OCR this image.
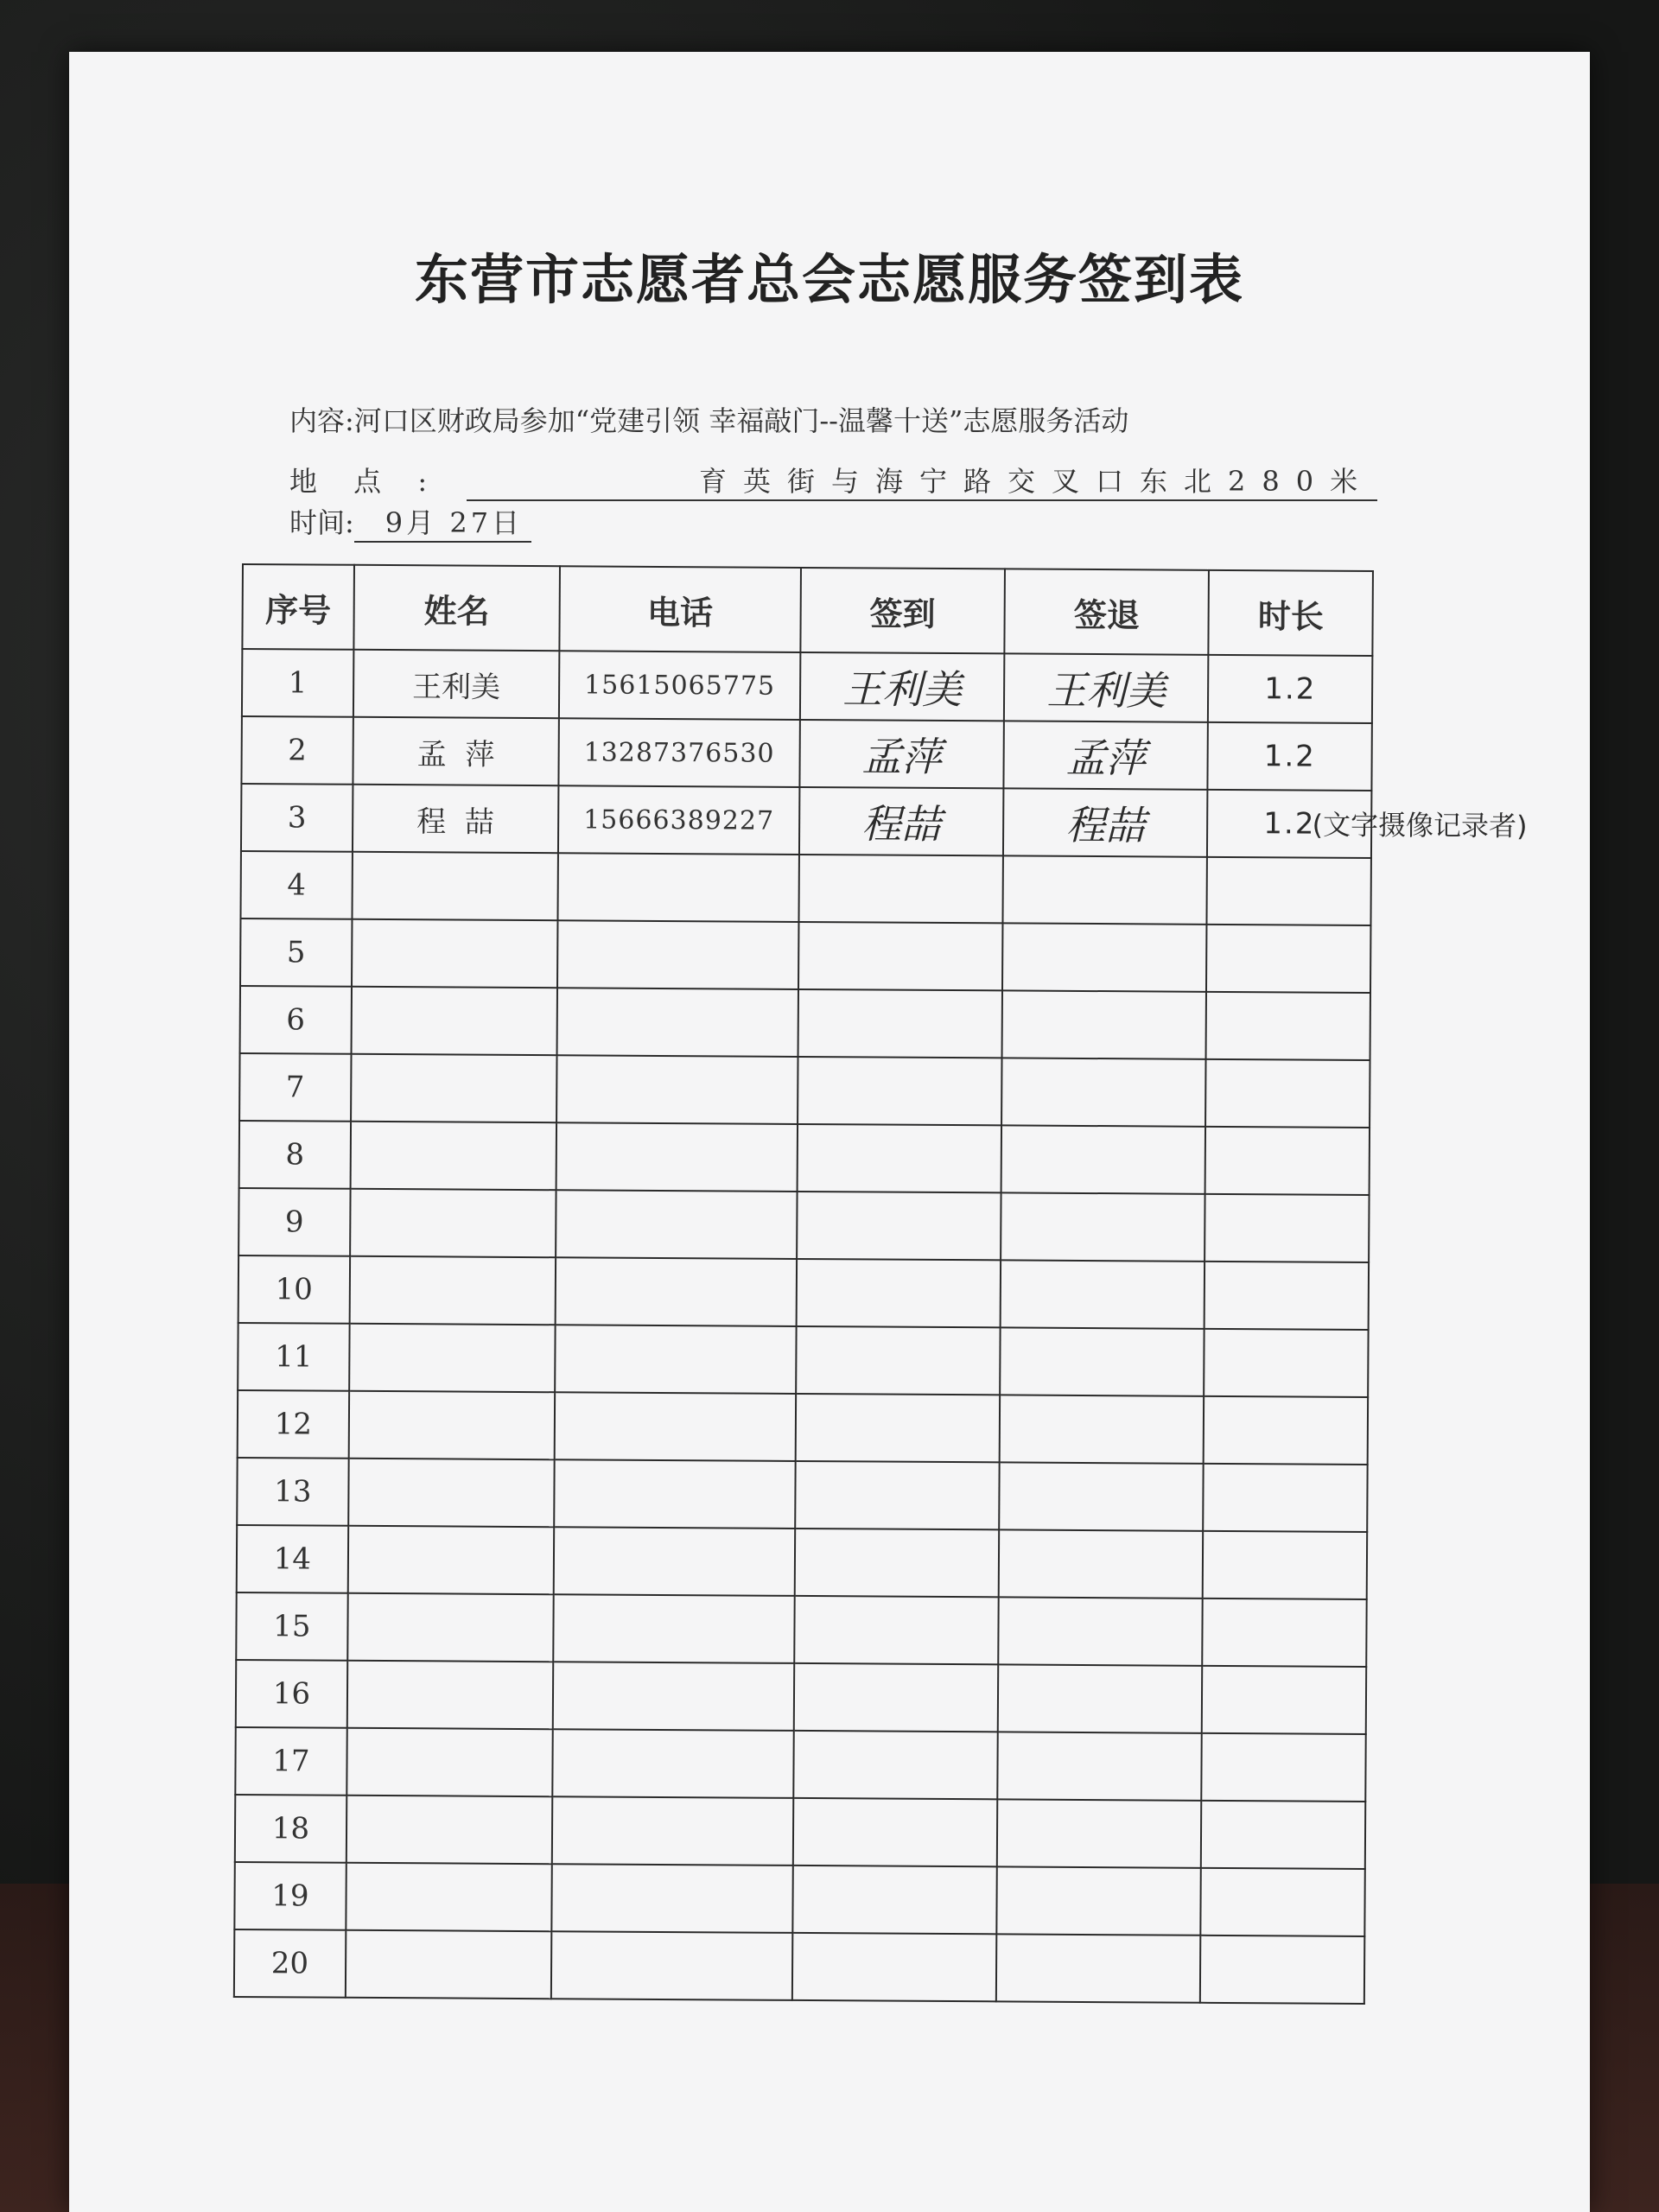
东营市志愿者总会志愿服务签到表
内容:河口区财政局参加“党建引领 幸福敲门--温馨十送”志愿服务活动
地 点 :	育英街与海宁路交叉口东北280米
时间: 9月 27日
序号	姓名	电话	签到	签退	时长
1	王利美	15615065775	王利美	王利美	1.2
2	孟  萍	13287376530	孟萍	孟萍	1.2
3	程  喆	15666389227	程喆	程喆	1.2
(文字摄像记录者)

4					
5					
6					
7					
8					
9					
10					
11					
12					
13					
14					
15					
16					
17					
18					
19					
20					
